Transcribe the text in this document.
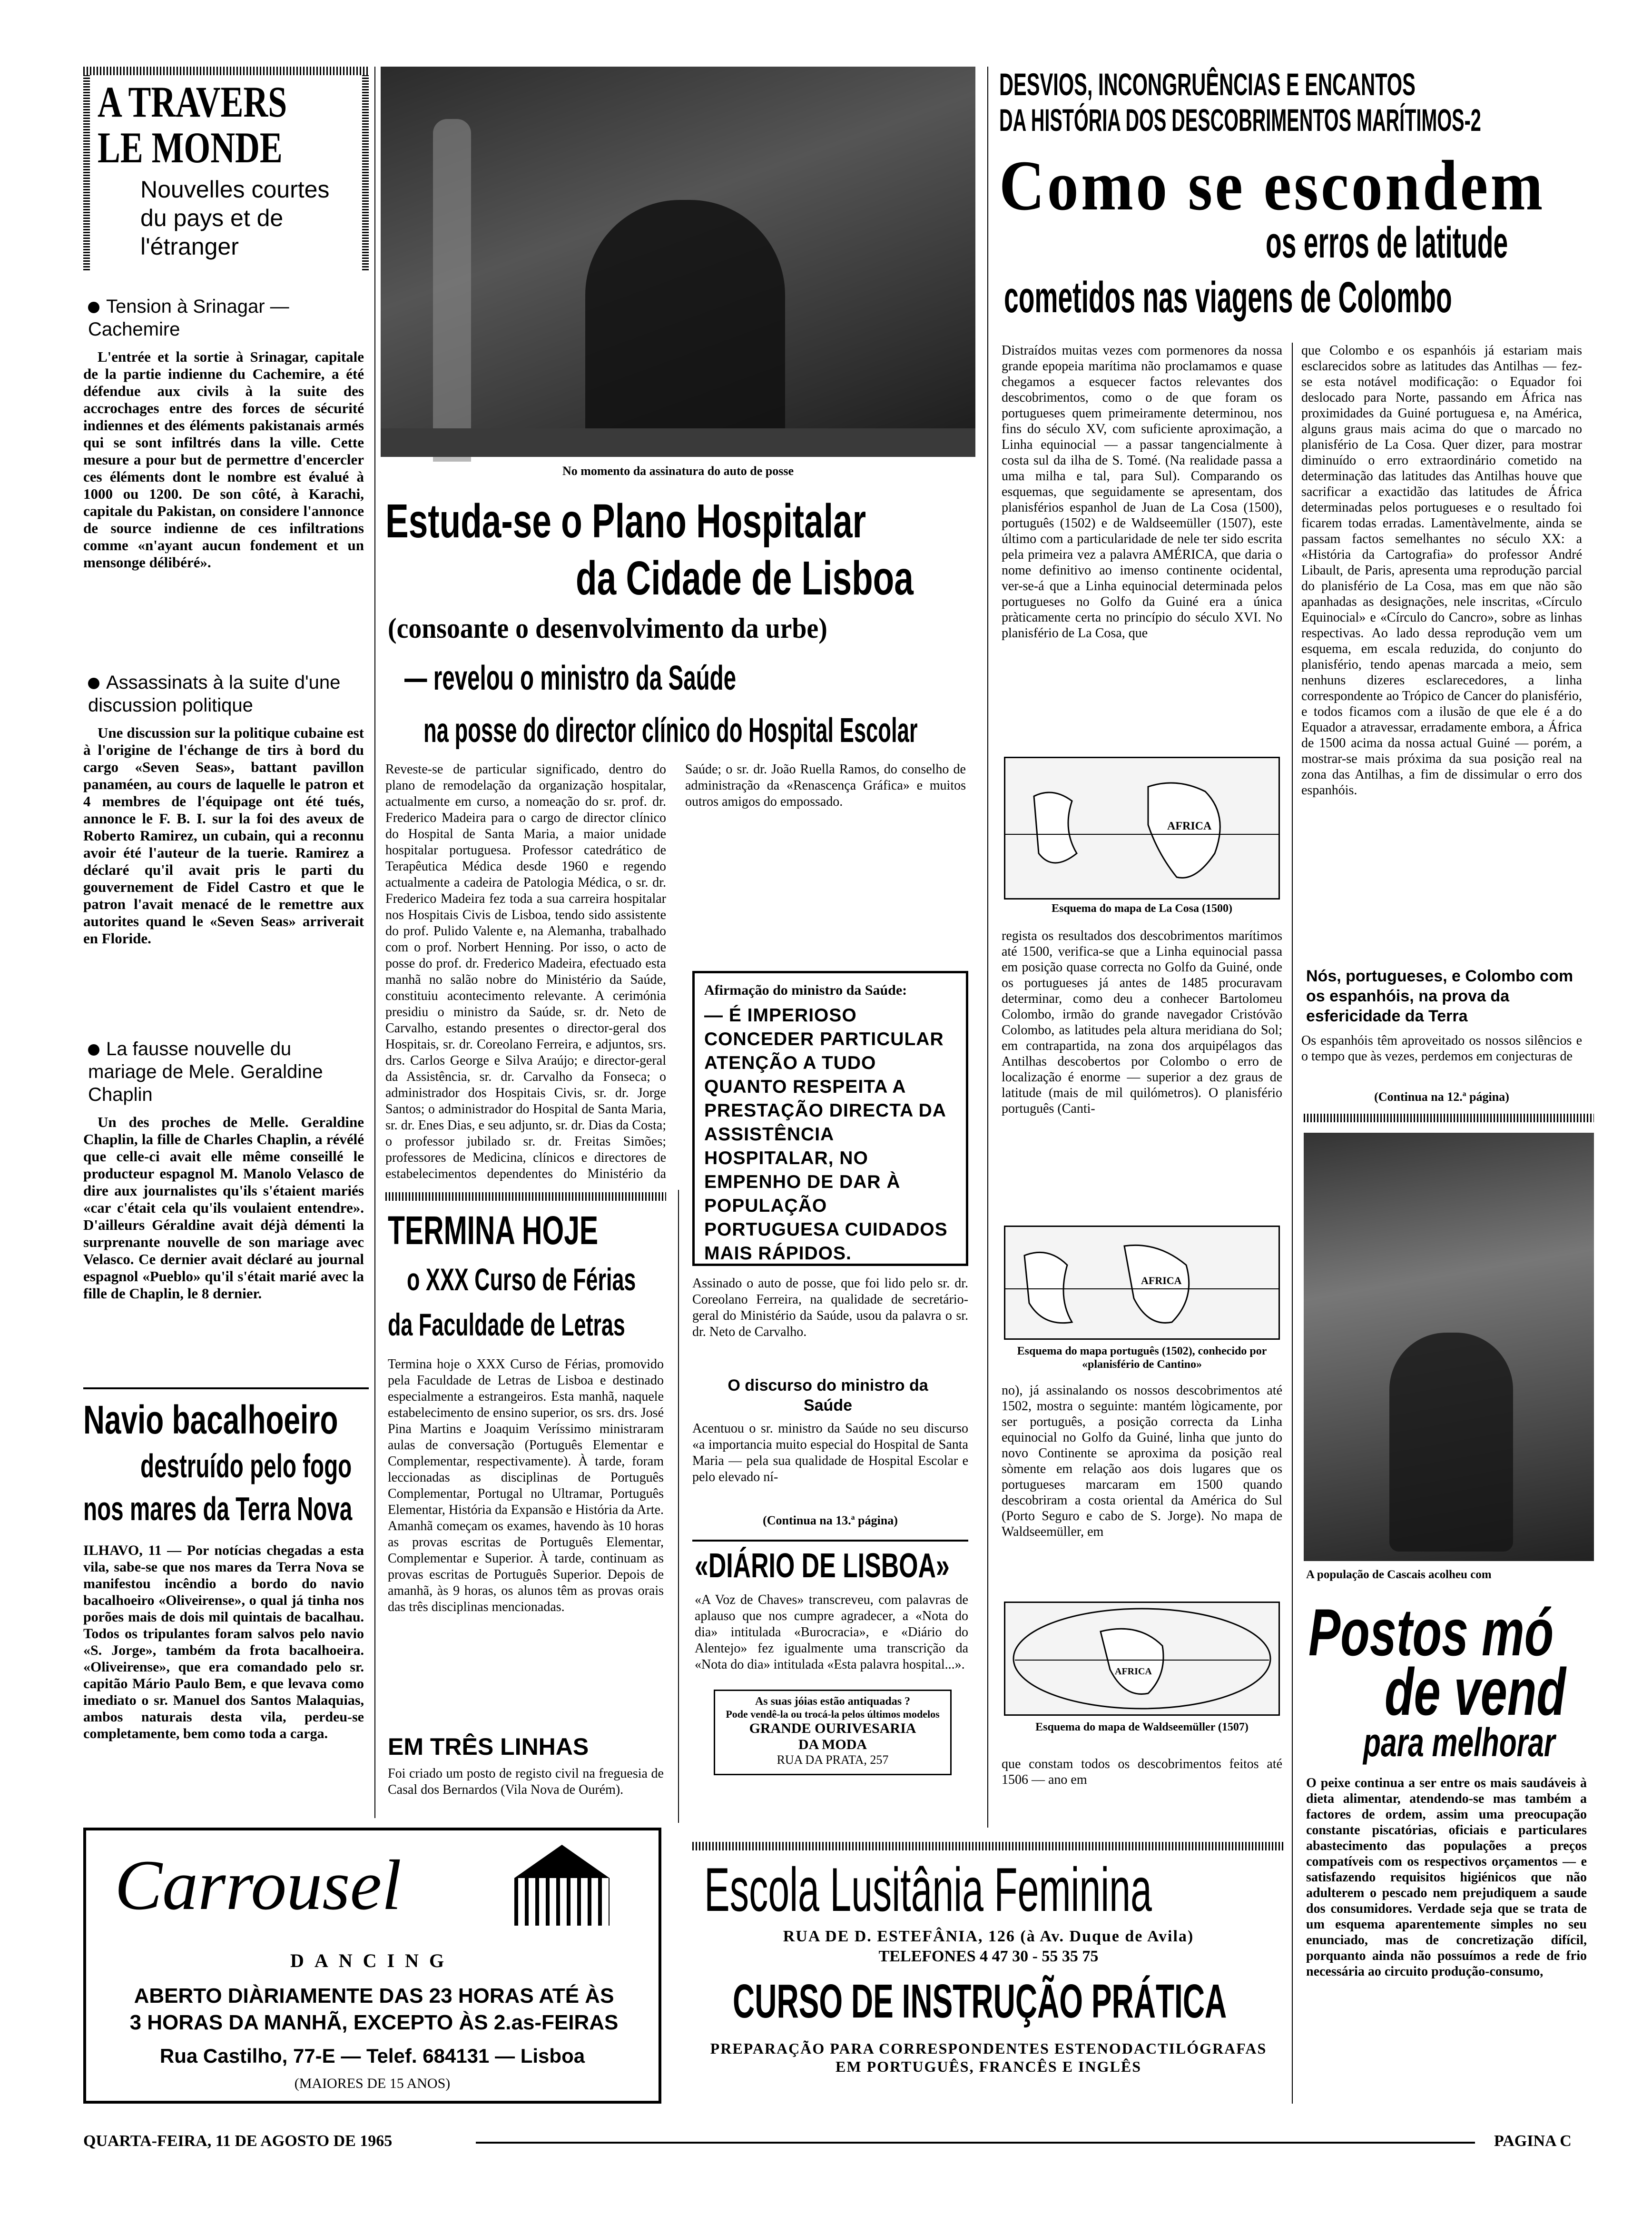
A TRAVERS
LE MONDE
Nouvelles courtes du pays et de l'étranger
Tension à Srinagar — Cachemire
L'entrée et la sortie à Srinagar, capitale de la partie indienne du Cachemire, a été défendue aux civils à la suite des accrochages entre des forces de sécurité indiennes et des éléments pakistanais armés qui se sont infiltrés dans la ville. Cette mesure a pour but de permettre d'encercler ces éléments dont le nombre est évalué à 1000 ou 1200. De son côté, à Karachi, capitale du Pakistan, on considere l'annonce de source indienne de ces infiltrations comme «n'ayant aucun fondement et un mensonge délibéré».
Assassinats à la suite d'une discussion politique
Une discussion sur la politique cubaine est à l'origine de l'échange de tirs à bord du cargo «Seven Seas», battant pavillon panaméen, au cours de laquelle le patron et 4 membres de l'équipage ont été tués, annonce le F. B. I. sur la foi des aveux de Roberto Ramirez, un cubain, qui a reconnu avoir été l'auteur de la tuerie. Ramirez a déclaré qu'il avait pris le parti du gouvernement de Fidel Castro et que le patron l'avait menacé de le remettre aux autorites quand le «Seven Seas» arriverait en Floride.
La fausse nouvelle du mariage de Mele. Geraldine Chaplin
Un des proches de Melle. Geraldine Chaplin, la fille de Charles Chaplin, a révélé que celle-ci avait elle même conseillé le producteur espagnol M. Manolo Velasco de dire aux journalistes qu'ils s'étaient mariés «car c'était cela qu'ils voulaient entendre». D'ailleurs Géraldine avait déjà démenti la surprenante nouvelle de son mariage avec Velasco. Ce dernier avait déclaré au journal espagnol «Pueblo» qu'il s'était marié avec la fille de Chaplin, le 8 dernier.
Navio bacalhoeiro
destruído pelo fogo
nos mares da Terra Nova
ILHAVO, 11 — Por notícias chegadas a esta vila, sabe-se que nos mares da Terra Nova se manifestou incêndio a bordo do navio bacalhoeiro «Oliveirense», o qual já tinha nos porões mais de dois mil quintais de bacalhau. Todos os tripulantes foram salvos pelo navio «S. Jorge», também da frota bacalhoeira. «Oliveirense», que era comandado pelo sr. capitão Mário Paulo Bem, e que levava como imediato o sr. Manuel dos Santos Malaquias, ambos naturais desta vila, perdeu-se completamente, bem como toda a carga.
No momento da assinatura do auto de posse
Estuda-se o Plano Hospitalar
da Cidade de Lisboa
(consoante o desenvolvimento da urbe)
— revelou o ministro da Saúde
na posse do director clínico do Hospital Escolar
Reveste-se de particular significado, dentro do plano de remodelação da organização hospitalar, actualmente em curso, a nomeação do sr. prof. dr. Frederico Madeira para o cargo de director clínico do Hospital de Santa Maria, a maior unidade hospitalar portuguesa. Professor catedrático de Terapêutica Médica desde 1960 e regendo actualmente a cadeira de Patologia Médica, o sr. dr. Frederico Madeira fez toda a sua carreira hospitalar nos Hospitais Civis de Lisboa, tendo sido assistente do prof. Pulido Valente e, na Alemanha, trabalhado com o prof. Norbert Henning. Por isso, o acto de posse do prof. dr. Frederico Madeira, efectuado esta manhã no salão nobre do Ministério da Saúde, constituiu acontecimento relevante. A cerimónia presidiu o ministro da Saúde, sr. dr. Neto de Carvalho, estando presentes o director-geral dos Hospitais, sr. dr. Coreolano Ferreira, e adjuntos, srs. drs. Carlos George e Silva Araújo; e director-geral da Assistência, sr. dr. Carvalho da Fonseca; o administrador dos Hospitais Civis, sr. dr. Jorge Santos; o administrador do Hospital de Santa Maria, sr. dr. Enes Dias, e seu adjunto, sr. dr. Dias da Costa; o professor jubilado sr. dr. Freitas Simões; professores de Medicina, clínicos e directores de estabelecimentos dependentes do Ministério da Saúde; o sr. dr. João Ruella Ramos, do conselho de administração da «Renascença Gráfica» e muitos outros amigos do empossado.
TERMINA HOJE
o XXX Curso de Férias
da Faculdade de Letras
Termina hoje o XXX Curso de Férias, promovido pela Faculdade de Letras de Lisboa e destinado especialmente a estrangeiros. Esta manhã, naquele estabelecimento de ensino superior, os srs. drs. José Pina Martins e Joaquim Veríssimo ministraram aulas de conversação (Português Elementar e Complementar, respectivamente). À tarde, foram leccionadas as disciplinas de Português Complementar, Portugal no Ultramar, Português Elementar, História da Expansão e História da Arte. Amanhã começam os exames, havendo às 10 horas as provas escritas de Português Elementar, Complementar e Superior. À tarde, continuam as provas escritas de Português Superior. Depois de amanhã, às 9 horas, os alunos têm as provas orais das três disciplinas mencionadas.
EM TRÊS LINHAS
Foi criado um posto de registo civil na freguesia de Casal dos Bernardos (Vila Nova de Ourém).
Afirmação do ministro da Saúde:
— É IMPERIOSO CONCEDER PARTICULAR ATENÇÃO A TUDO QUANTO RESPEITA A PRESTAÇÃO DIRECTA DA ASSISTÊNCIA HOSPITALAR, NO EMPENHO DE DAR À POPULAÇÃO PORTUGUESA CUIDADOS MAIS RÁPIDOS.
Assinado o auto de posse, que foi lido pelo sr. dr. Coreolano Ferreira, na qualidade de secretário-geral do Ministério da Saúde, usou da palavra o sr. dr. Neto de Carvalho.
O discurso do ministro da Saúde
Acentuou o sr. ministro da Saúde no seu discurso «a importancia muito especial do Hospital de Santa Maria — pela sua qualidade de Hospital Escolar e pelo elevado ní-
(Continua na 13.ª página)
«DIÁRIO DE LISBOA»
«A Voz de Chaves» transcreveu, com palavras de aplauso que nos cumpre agradecer, a «Nota do dia» intitulada «Burocracia», e «Diário do Alentejo» fez igualmente uma transcrição da «Nota do dia» intitulada «Esta palavra hospital...».
As suas jóias estão antiquadas ?
Pode vendê-la ou trocá-la pelos últimos modelos
GRANDE OURIVESARIA
DA MODA
RUA DA PRATA, 257
Carrousel
DANCING
ABERTO DIÀRIAMENTE DAS 23 HORAS ATÉ ÀS 3 HORAS DA MANHÃ, EXCEPTO ÀS 2.as-FEIRAS
Rua Castilho, 77-E — Telef. 684131 — Lisboa
(MAIORES DE 15 ANOS)
DESVIOS, INCONGRUÊNCIAS E ENCANTOS
DA HISTÓRIA DOS DESCOBRIMENTOS MARÍTIMOS-2
Como se escondem
os erros de latitude
cometidos nas viagens de Colombo
Distraídos muitas vezes com pormenores da nossa grande epopeia marítima não proclamamos e quase chegamos a esquecer factos relevantes dos descobrimentos, como o de que foram os portugueses quem primeiramente determinou, nos fins do século XV, com suficiente aproximação, a Linha equinocial — a passar tangencialmente à costa sul da ilha de S. Tomé. (Na realidade passa a uma milha e tal, para Sul). Comparando os esquemas, que seguidamente se apresentam, dos planisférios espanhol de Juan de La Cosa (1500), português (1502) e de Waldseemüller (1507), este último com a particularidade de nele ter sido escrita pela primeira vez a palavra AMÉRICA, que daria o nome definitivo ao imenso continente ocidental, ver-se-á que a Linha equinocial determinada pelos portugueses no Golfo da Guiné era a única pràticamente certa no princípio do século XVI. No planisfério de La Cosa, que
AFRICA
Esquema do mapa de La Cosa (1500)
regista os resultados dos descobrimentos marítimos até 1500, verifica-se que a Linha equinocial passa em posição quase correcta no Golfo da Guiné, onde os portugueses já antes de 1485 procuravam determinar, como deu a conhecer Bartolomeu Colombo, irmão do grande navegador Cristóvão Colombo, as latitudes pela altura meridiana do Sol; em contrapartida, na zona dos arquipélagos das Antilhas descobertos por Colombo o erro de localização é enorme — superior a dez graus de latitude (mais de mil quilómetros). O planisfério português (Canti-
AFRICA
Esquema do mapa português (1502), conhecido por «planisfério de Cantino»
no), já assinalando os nossos descobrimentos até 1502, mostra o seguinte: mantém lògicamente, por ser português, a posição correcta da Linha equinocial no Golfo da Guiné, linha que junto do novo Continente se aproxima da posição real sòmente em relação aos dois lugares que os portugueses marcaram em 1500 quando descobriram a costa oriental da América do Sul (Porto Seguro e cabo de S. Jorge). No mapa de Waldseemüller, em
AFRICA
Esquema do mapa de Waldseemüller (1507)
que constam todos os descobrimentos feitos até 1506 — ano em
que Colombo e os espanhóis já estariam mais esclarecidos sobre as latitudes das Antilhas — fez-se esta notável modificação: o Equador foi deslocado para Norte, passando em África nas proximidades da Guiné portuguesa e, na América, alguns graus mais acima do que o marcado no planisfério de La Cosa. Quer dizer, para mostrar diminuído o erro extraordinário cometido na determinação das latitudes das Antilhas houve que sacrificar a exactidão das latitudes de África determinadas pelos portugueses e o resultado foi ficarem todas erradas. Lamentàvelmente, ainda se passam factos semelhantes no século XX: a «História da Cartografia» do professor André Libault, de Paris, apresenta uma reprodução parcial do planisfério de La Cosa, mas em que não são apanhadas as designações, nele inscritas, «Círculo Equinocial» e «Círculo do Cancro», sobre as linhas respectivas. Ao lado dessa reprodução vem um esquema, em escala reduzida, do conjunto do planisfério, tendo apenas marcada a meio, sem nenhuns dizeres esclarecedores, a linha correspondente ao Trópico de Cancer do planisfério, e todos ficamos com a ilusão de que ele é a do Equador a atravessar, erradamente embora, a África de 1500 acima da nossa actual Guiné — porém, a mostrar-se mais próxima da sua posição real na zona das Antilhas, a fim de dissimular o erro dos espanhóis.
Nós, portugueses, e Colombo com os espanhóis, na prova da esfericidade da Terra
Os espanhóis têm aproveitado os nossos silêncios e o tempo que às vezes, perdemos em conjecturas de
(Continua na 12.ª página)
A população de Cascais acolheu com
Postos mó
de vend
para melhorar
O peixe continua a ser entre os mais saudáveis à dieta alimentar, atendendo-se mas também a factores de ordem, assim uma preocupação constante piscatórias, oficiais e particulares abastecimento das populações a preços compatíveis com os respectivos orçamentos — e satisfazendo requisitos higiénicos que não adulterem o pescado nem prejudiquem a saude dos consumidores. Verdade seja que se trata de um esquema aparentemente simples no seu enunciado, mas de concretização difícil, porquanto ainda não possuímos a rede de frio necessária ao circuito produção-consumo,
Escola Lusitânia Feminina
RUA DE D. ESTEFÂNIA, 126 (à Av. Duque de Avila)
TELEFONES 4 47 30 - 55 35 75
CURSO DE INSTRUÇÃO PRÁTICA
PREPARAÇÃO PARA CORRESPONDENTES ESTENODACTILÓGRAFAS EM PORTUGUÊS, FRANCÊS E INGLÊS
QUARTA-FEIRA, 11 DE AGOSTO DE 1965	PAGINA C
